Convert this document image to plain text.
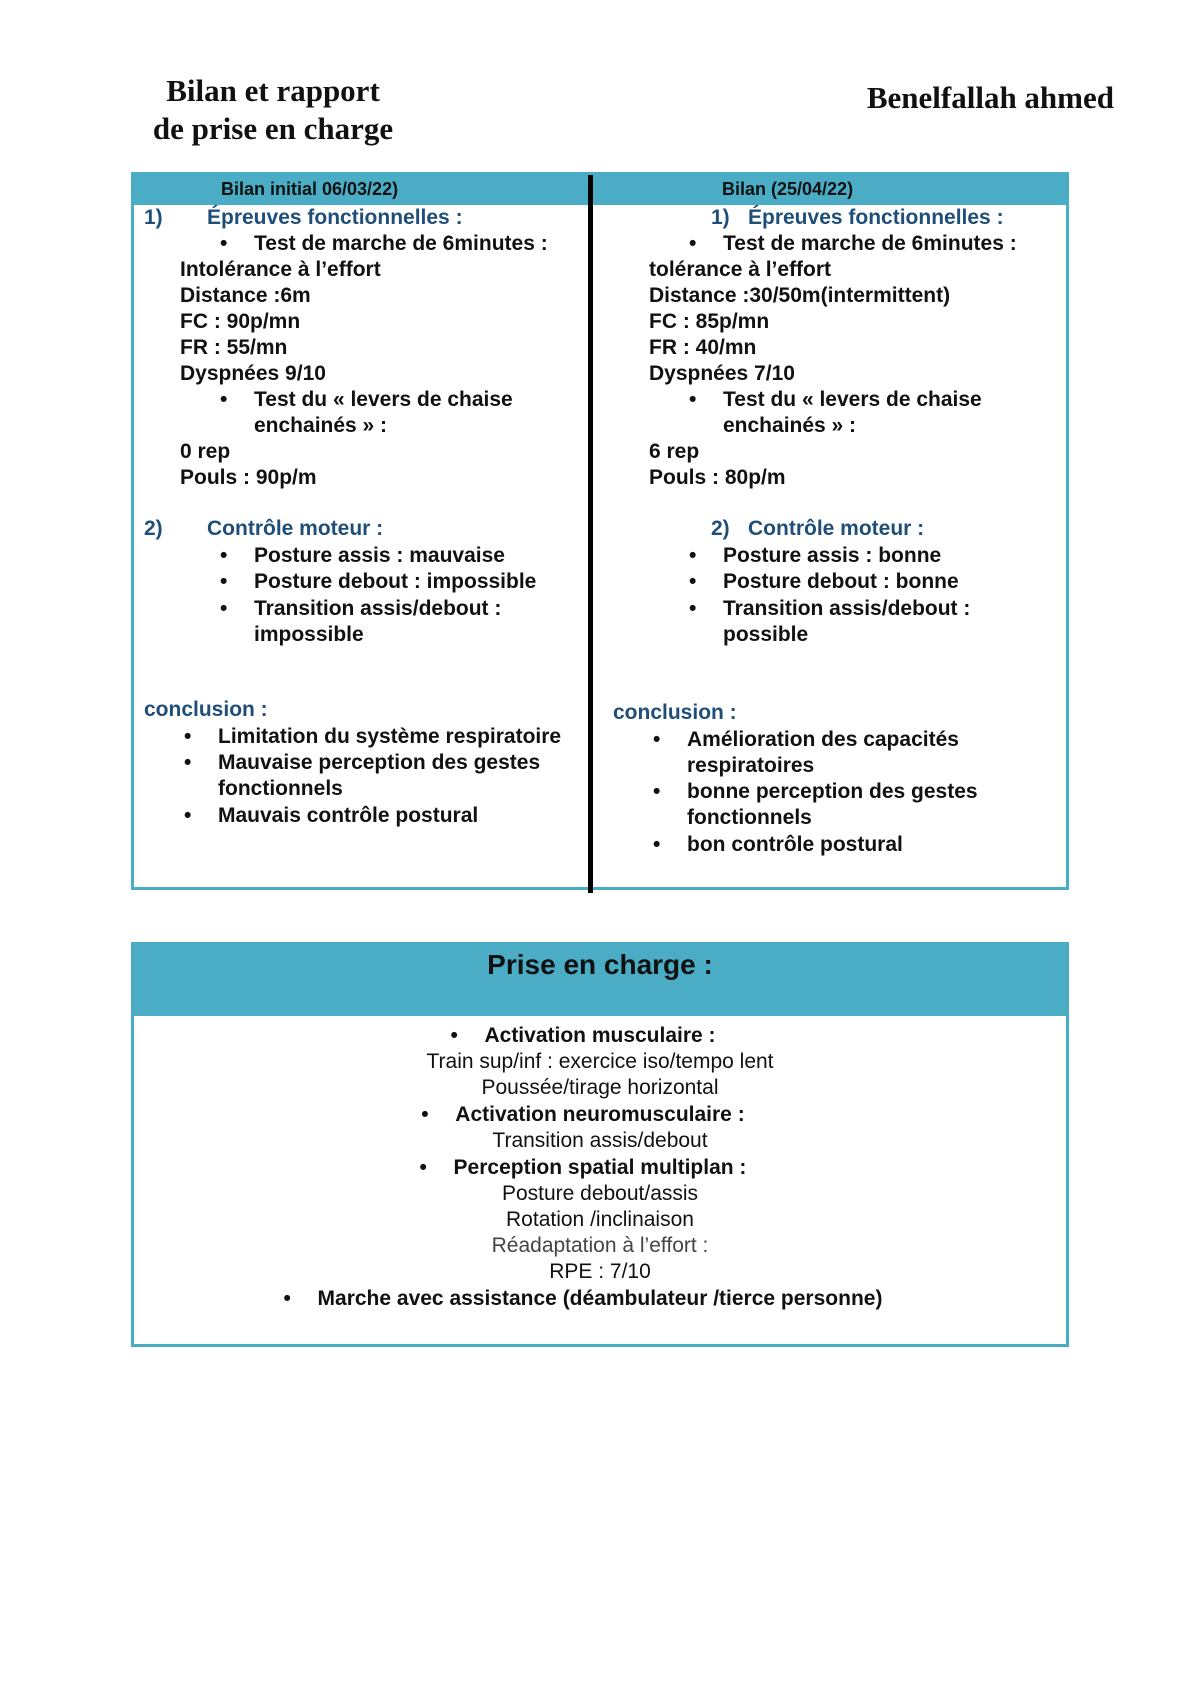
Bilan et rapport
de prise en charge
Benelfallah ahmed
Bilan initial 06/03/22)	Bilan (25/04/22)
1) Épreuves fonctionnelles :
• Test de marche de 6minutes :
Intolérance à l’effort
Distance :6m
FC : 90p/mn
FR : 55/mn
Dyspnées 9/10
• Test du « levers de chaise
enchainés » :
0 rep
Pouls : 90p/m
2) Contrôle moteur :
• Posture assis : mauvaise
• Posture debout : impossible
• Transition assis/debout :
impossible
conclusion :
• Limitation du système respiratoire
• Mauvaise perception des gestes
fonctionnels
• Mauvais contrôle postural
1) Épreuves fonctionnelles :
• Test de marche de 6minutes :
tolérance à l’effort
Distance :30/50m(intermittent)
FC : 85p/mn
FR : 40/mn
Dyspnées 7/10
• Test du « levers de chaise
enchainés » :
6 rep
Pouls : 80p/m
2) Contrôle moteur :
• Posture assis : bonne
• Posture debout : bonne
• Transition assis/debout :
possible
conclusion :
• Amélioration des capacités
respiratoires
• bonne perception des gestes
fonctionnels
• bon contrôle postural
Prise en charge :
• Activation musculaire :
Train sup/inf : exercice iso/tempo lent
Poussée/tirage horizontal
• Activation neuromusculaire :
Transition assis/debout
• Perception spatial multiplan :
Posture debout/assis
Rotation /inclinaison
Réadaptation à l’effort :
RPE : 7/10
• Marche avec assistance (déambulateur /tierce personne)
